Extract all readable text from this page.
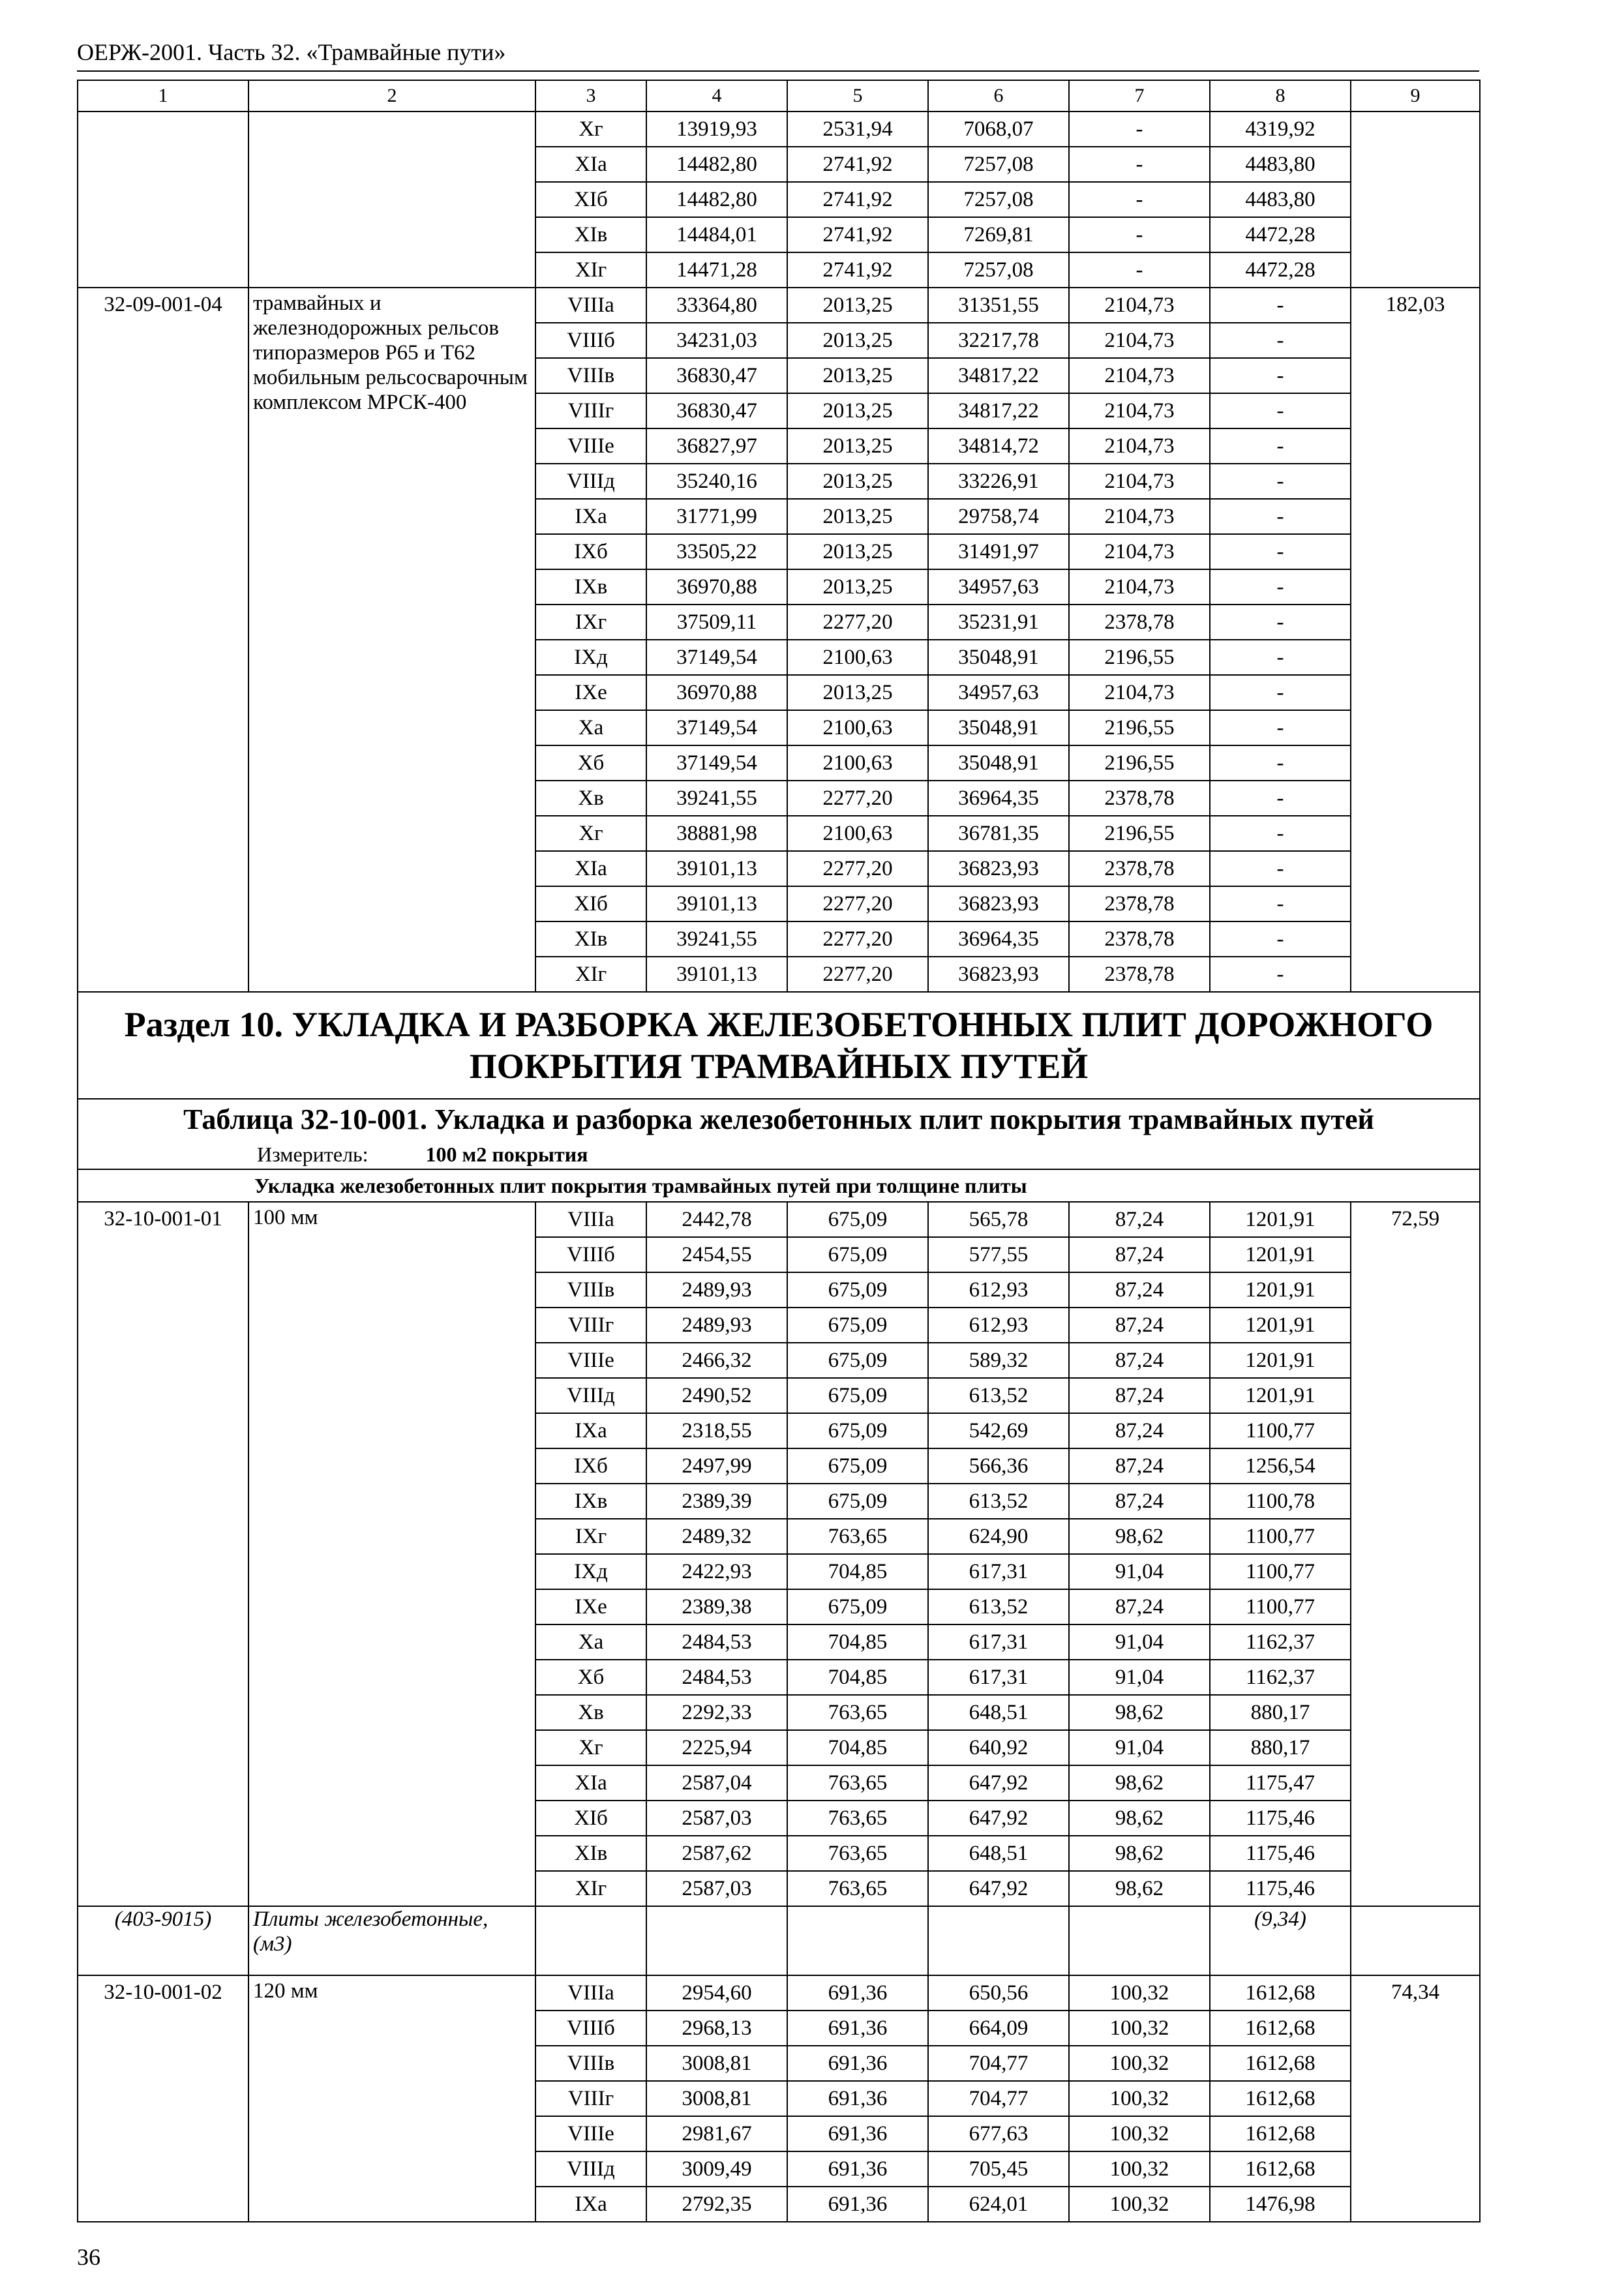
ОЕРЖ-2001. Часть 32. «Трамвайные пути»
1	2	3	4	5	6	7	8	9
		Xг	13919,93	2531,94	7068,07	-	4319,92	
		XIа	14482,80	2741,92	7257,08	-	4483,80	
		XIб	14482,80	2741,92	7257,08	-	4483,80	
		XIв	14484,01	2741,92	7269,81	-	4472,28	
		XIг	14471,28	2741,92	7257,08	-	4472,28	
32-09-001-04	трамвайных и железнодорожных рельсов типоразмеров Р65 и Т62 мобильным рельсосварочным комплексом МРСК-400	VIIIа	33364,80	2013,25	31351,55	2104,73	-	182,03
		VIIIб	34231,03	2013,25	32217,78	2104,73	-	
		VIIIв	36830,47	2013,25	34817,22	2104,73	-	
		VIIIг	36830,47	2013,25	34817,22	2104,73	-	
		VIIIе	36827,97	2013,25	34814,72	2104,73	-	
		VIIIд	35240,16	2013,25	33226,91	2104,73	-	
		IXа	31771,99	2013,25	29758,74	2104,73	-	
		IXб	33505,22	2013,25	31491,97	2104,73	-	
		IXв	36970,88	2013,25	34957,63	2104,73	-	
		IXг	37509,11	2277,20	35231,91	2378,78	-	
		IXд	37149,54	2100,63	35048,91	2196,55	-	
		IXе	36970,88	2013,25	34957,63	2104,73	-	
		Xа	37149,54	2100,63	35048,91	2196,55	-	
		Xб	37149,54	2100,63	35048,91	2196,55	-	
		Xв	39241,55	2277,20	36964,35	2378,78	-	
		Xг	38881,98	2100,63	36781,35	2196,55	-	
		XIа	39101,13	2277,20	36823,93	2378,78	-	
		XIб	39101,13	2277,20	36823,93	2378,78	-	
		XIв	39241,55	2277,20	36964,35	2378,78	-	
		XIг	39101,13	2277,20	36823,93	2378,78	-	
Раздел 10. УКЛАДКА И РАЗБОРКА ЖЕЛЕЗОБЕТОННЫХ ПЛИТ ДОРОЖНОГО ПОКРЫТИЯ ТРАМВАЙНЫХ ПУТЕЙ								
Таблица 32-10-001. Укладка и разборка железобетонных плит покрытия трамвайных путей								
Измеритель: 100 м2 покрытия								
Укладка железобетонных плит покрытия трамвайных путей при толщине плиты								
32-10-001-01	100 мм	VIIIа	2442,78	675,09	565,78	87,24	1201,91	72,59
		VIIIб	2454,55	675,09	577,55	87,24	1201,91	
		VIIIв	2489,93	675,09	612,93	87,24	1201,91	
		VIIIг	2489,93	675,09	612,93	87,24	1201,91	
		VIIIе	2466,32	675,09	589,32	87,24	1201,91	
		VIIIд	2490,52	675,09	613,52	87,24	1201,91	
		IXа	2318,55	675,09	542,69	87,24	1100,77	
		IXб	2497,99	675,09	566,36	87,24	1256,54	
		IXв	2389,39	675,09	613,52	87,24	1100,78	
		IXг	2489,32	763,65	624,90	98,62	1100,77	
		IXд	2422,93	704,85	617,31	91,04	1100,77	
		IXе	2389,38	675,09	613,52	87,24	1100,77	
		Xа	2484,53	704,85	617,31	91,04	1162,37	
		Xб	2484,53	704,85	617,31	91,04	1162,37	
		Xв	2292,33	763,65	648,51	98,62	880,17	
		Xг	2225,94	704,85	640,92	91,04	880,17	
		XIа	2587,04	763,65	647,92	98,62	1175,47	
		XIб	2587,03	763,65	647,92	98,62	1175,46	
		XIв	2587,62	763,65	648,51	98,62	1175,46	
		XIг	2587,03	763,65	647,92	98,62	1175,46	
(403-9015)	Плиты железобетонные, (м3)						(9,34)	
32-10-001-02	120 мм	VIIIа	2954,60	691,36	650,56	100,32	1612,68	74,34
		VIIIб	2968,13	691,36	664,09	100,32	1612,68	
		VIIIв	3008,81	691,36	704,77	100,32	1612,68	
		VIIIг	3008,81	691,36	704,77	100,32	1612,68	
		VIIIе	2981,67	691,36	677,63	100,32	1612,68	
		VIIIд	3009,49	691,36	705,45	100,32	1612,68	
		IXа	2792,35	691,36	624,01	100,32	1476,98	
36
